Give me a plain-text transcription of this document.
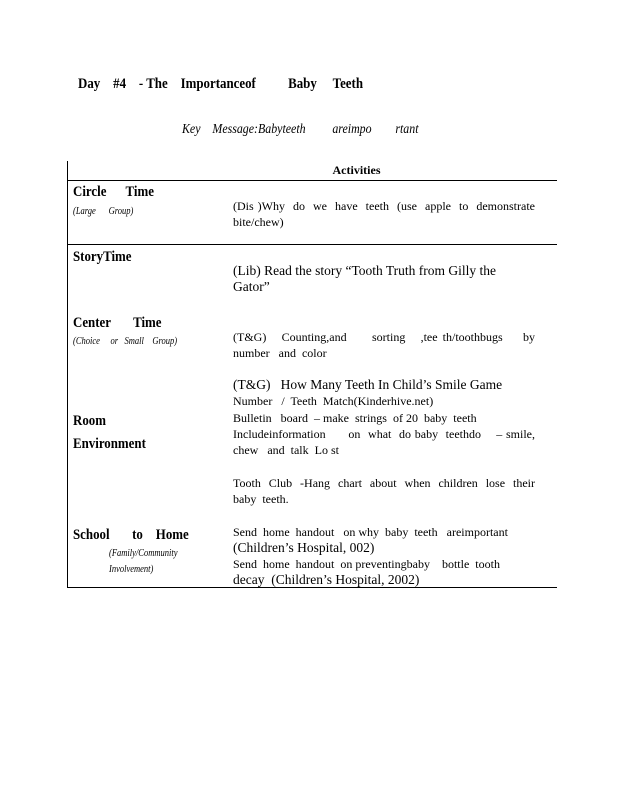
Day    #4    - The    Importanceof          Baby     Teeth
Key    Message:Babyteeth         areimpo        rtant
Activities
Circle      Time
(Large      Group)	(Dis )Why  do  we  have  teeth  (use  apple  to  demonstrate bite/chew)
StoryTime
(Lib) Read the story “Tooth Truth from Gilly the Gator”
Center       Time
(Choice     or   Small    Group)	(T&G)   Counting,and     sorting   ,tee th/toothbugs    by number   and  color
Room
Environment
(T&G)   How Many Teeth In Child’s Smile Game
Number   /  Teeth  Match(Kinderhive.net)
Bulletin   board  – make  strings  of 20  baby  teeth
Includeinformation      on  what  do baby  teethdo    – smile, chew   and  talk  Lo st
Tooth  Club  -Hang  chart  about  when  children  lose  their baby  teeth.
School       to    Home
(Family/Community
Involvement)
Send  home  handout   on why  baby  teeth   areimportant
(Children’s Hospital, 002)
Send  home  handout  on preventingbaby    bottle  tooth
decay  (Children’s Hospital, 2002)
